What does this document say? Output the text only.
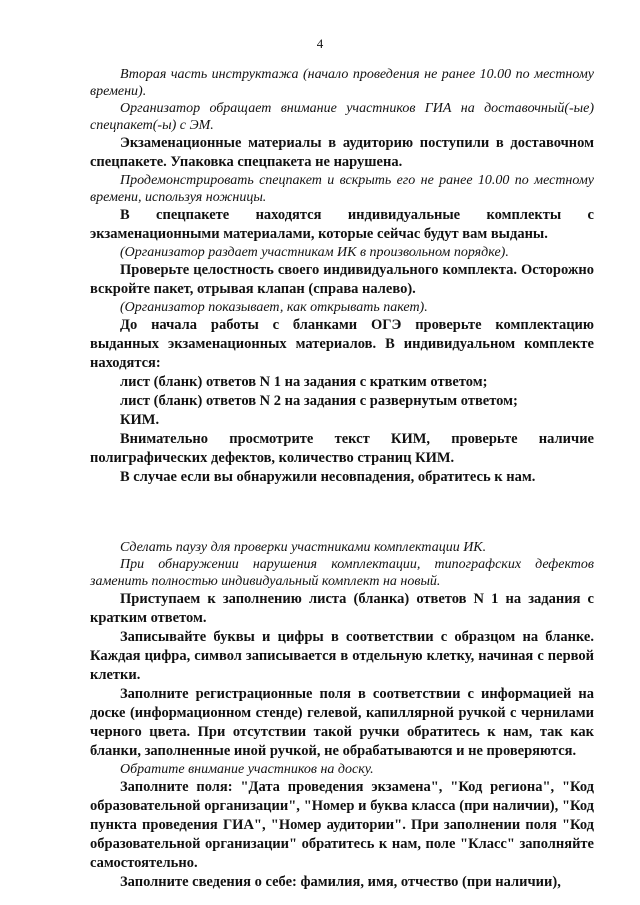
4

Вторая часть инструктажа (начало проведения не ранее 10.00 по местному времени).

Организатор обращает внимание участников ГИА на доставочный(-ые) спецпакет(-ы) с ЭМ.

Экзаменационные материалы в аудиторию поступили в доставочном спецпакете. Упаковка спецпакета не нарушена.

Продемонстрировать спецпакет и вскрыть его не ранее 10.00 по местному времени, используя ножницы.

В спецпакете находятся индивидуальные комплекты с экзаменационными материалами, которые сейчас будут вам выданы.

(Организатор раздает участникам ИК в произвольном порядке).

Проверьте целостность своего индивидуального комплекта. Осторожно вскройте пакет, отрывая клапан (справа налево).

(Организатор показывает, как открывать пакет).

До начала работы с бланками ОГЭ проверьте комплектацию выданных экзаменационных материалов. В индивидуальном комплекте находятся:

лист (бланк) ответов N 1 на задания с кратким ответом;

лист (бланк) ответов N 2 на задания с развернутым ответом;

КИМ.

Внимательно просмотрите текст КИМ, проверьте наличие полиграфических дефектов, количество страниц КИМ.

В случае если вы обнаружили несовпадения, обратитесь к нам.

Сделать паузу для проверки участниками комплектации ИК.

При обнаружении нарушения комплектации, типографских дефектов заменить полностью индивидуальный комплект на новый.

Приступаем к заполнению листа (бланка) ответов N 1 на задания с кратким ответом.

Записывайте буквы и цифры в соответствии с образцом на бланке. Каждая цифра, символ записывается в отдельную клетку, начиная с первой клетки.

Заполните регистрационные поля в соответствии с информацией на доске (информационном стенде) гелевой, капиллярной ручкой с чернилами черного цвета. При отсутствии такой ручки обратитесь к нам, так как бланки, заполненные иной ручкой, не обрабатываются и не проверяются.

Обратите внимание участников на доску.

Заполните поля: "Дата проведения экзамена", "Код региона", "Код образовательной организации", "Номер и буква класса (при наличии), "Код пункта проведения ГИА", "Номер аудитории". При заполнении поля "Код образовательной организации" обратитесь к нам, поле "Класс" заполняйте самостоятельно.

Заполните сведения о себе: фамилия, имя, отчество (при наличии),
